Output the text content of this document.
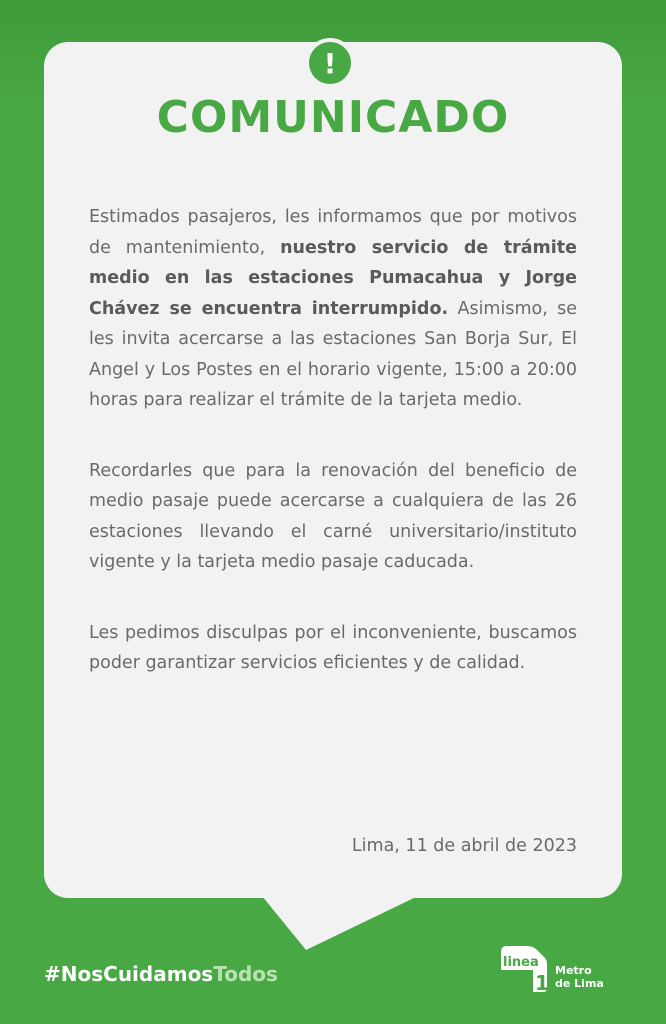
!
COMUNICADO

Estimados pasajeros, les informamos que por motivos de mantenimiento, nuestro servicio de trámite medio en las estaciones Pumacahua y Jorge Chávez se encuentra interrumpido. Asimismo, se les invita acercarse a las estaciones San Borja Sur, El Angel y Los Postes en el horario vigente, 15:00 a 20:00 horas para realizar el trámite de la tarjeta medio.

Recordarles que para la renovación del beneficio de medio pasaje puede acercarse a cualquiera de las 26 estaciones llevando el carné universitario/instituto vigente y la tarjeta medio pasaje caducada.

Les pedimos disculpas por el inconveniente, buscamos poder garantizar servicios eficientes y de calidad.

Lima, 11 de abril de 2023
#NosCuidamosTodos	linea
1
Metro
de Lima
